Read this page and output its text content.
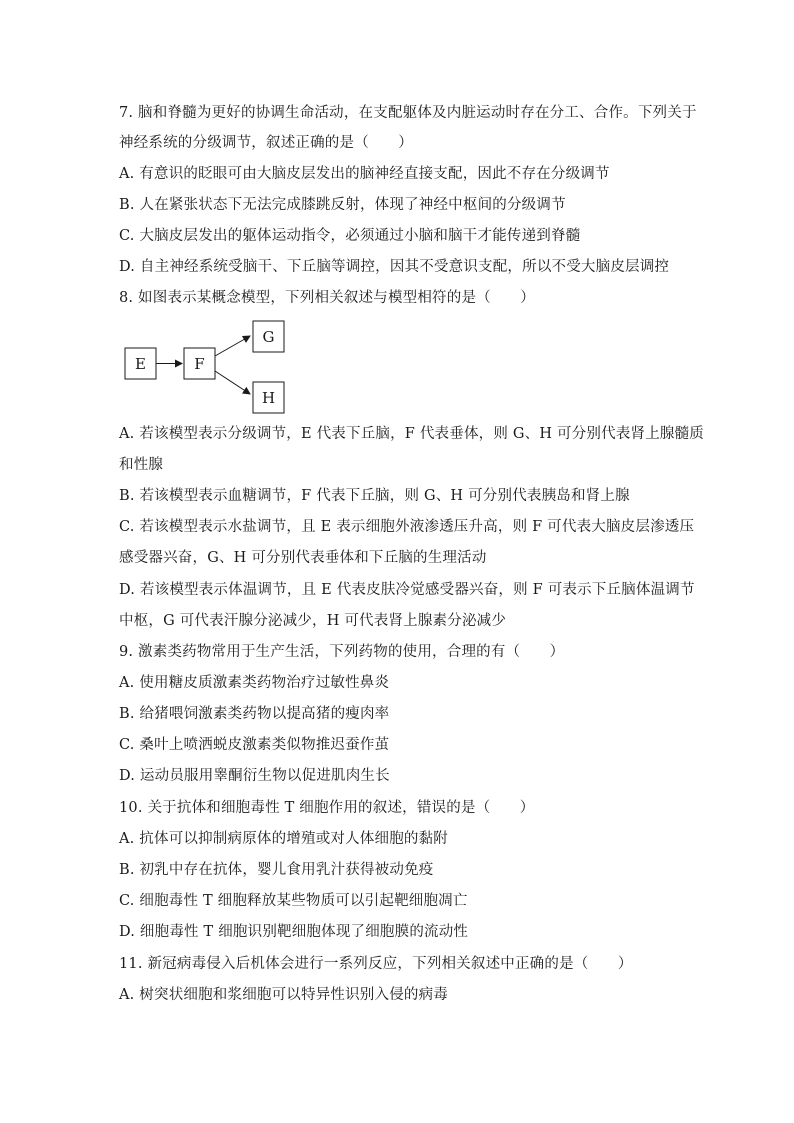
7. 脑和脊髓为更好的协调生命活动，在支配躯体及内脏运动时存在分工、合作。下列关于
神经系统的分级调节，叙述正确的是（　　）
A. 有意识的眨眼可由大脑皮层发出的脑神经直接支配，因此不存在分级调节
B. 人在紧张状态下无法完成膝跳反射，体现了神经中枢间的分级调节
C. 大脑皮层发出的躯体运动指令，必须通过小脑和脑干才能传递到脊髓
D. 自主神经系统受脑干、下丘脑等调控，因其不受意识支配，所以不受大脑皮层调控
8. 如图表示某概念模型，下列相关叙述与模型相符的是（　　）
E	F
G
H
A. 若该模型表示分级调节，E 代表下丘脑，F 代表垂体，则 G、H 可分别代表肾上腺髓质
和性腺
B. 若该模型表示血糖调节，F 代表下丘脑，则 G、H 可分别代表胰岛和肾上腺
C. 若该模型表示水盐调节，且 E 表示细胞外液渗透压升高，则 F 可代表大脑皮层渗透压
感受器兴奋，G、H 可分别代表垂体和下丘脑的生理活动
D. 若该模型表示体温调节，且 E 代表皮肤冷觉感受器兴奋，则 F 可表示下丘脑体温调节
中枢，G 可代表汗腺分泌减少，H 可代表肾上腺素分泌减少
9. 激素类药物常用于生产生活，下列药物的使用，合理的有（　　）
A. 使用糖皮质激素类药物治疗过敏性鼻炎
B. 给猪喂饲激素类药物以提高猪的瘦肉率
C. 桑叶上喷洒蜕皮激素类似物推迟蚕作茧
D. 运动员服用睾酮衍生物以促进肌肉生长
10. 关于抗体和细胞毒性 T 细胞作用的叙述，错误的是（　　）
A. 抗体可以抑制病原体的增殖或对人体细胞的黏附
B. 初乳中存在抗体，婴儿食用乳汁获得被动免疫
C. 细胞毒性 T 细胞释放某些物质可以引起靶细胞凋亡
D. 细胞毒性 T 细胞识别靶细胞体现了细胞膜的流动性
11. 新冠病毒侵入后机体会进行一系列反应，下列相关叙述中正确的是（　　）
A. 树突状细胞和浆细胞可以特异性识别入侵的病毒
